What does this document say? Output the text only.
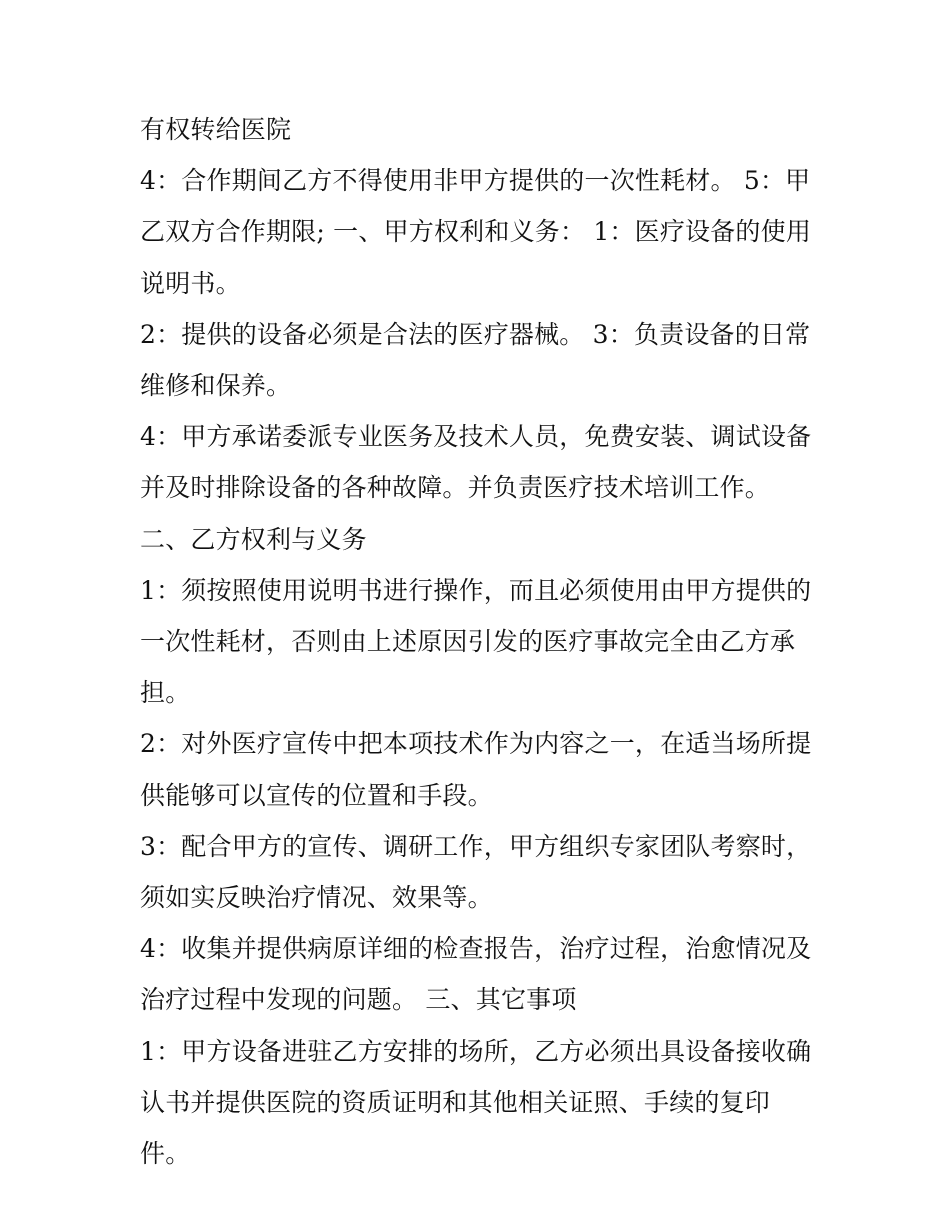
有权转给医院

4：合作期间乙方不得使用非甲方提供的一次性耗材。 5：甲乙双方合作期限; 一、甲方权利和义务： 1：医疗设备的使用说明书。

2：提供的设备必须是合法的医疗器械。 3：负责设备的日常维修和保养。

4：甲方承诺委派专业医务及技术人员，免费安装、调试设备并及时排除设备的各种故障。并负责医疗技术培训工作。

二、乙方权利与义务

1：须按照使用说明书进行操作，而且必须使用由甲方提供的一次性耗材，否则由上述原因引发的医疗事故完全由乙方承担。

2：对外医疗宣传中把本项技术作为内容之一，在适当场所提供能够可以宣传的位置和手段。

3：配合甲方的宣传、调研工作，甲方组织专家团队考察时，须如实反映治疗情况、效果等。

4：收集并提供病原详细的检查报告，治疗过程，治愈情况及治疗过程中发现的问题。 三、其它事项

1：甲方设备进驻乙方安排的场所，乙方必须出具设备接收确认书并提供医院的资质证明和其他相关证照、手续的复印件。
